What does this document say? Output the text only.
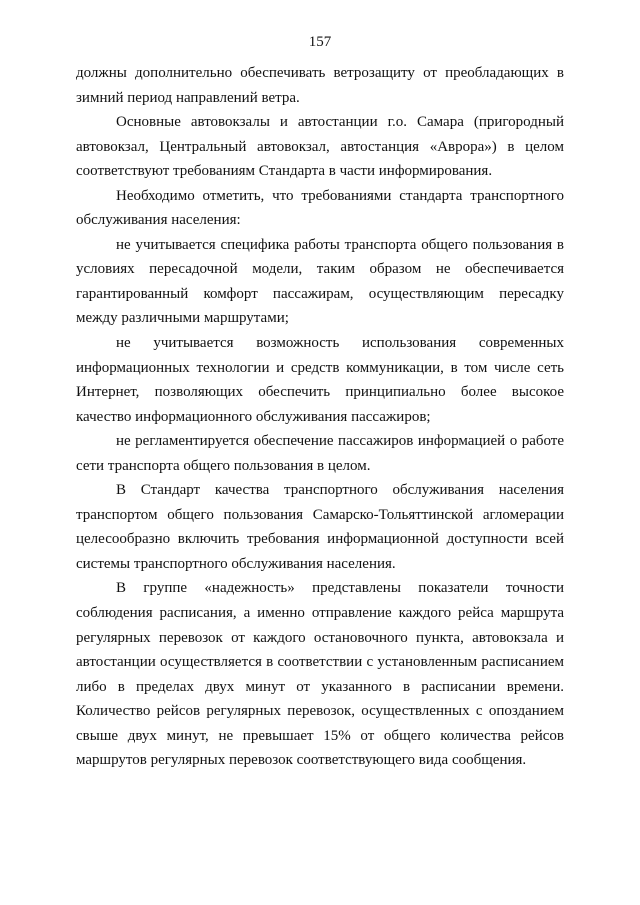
157
должны дополнительно обеспечивать ветрозащиту от преобладающих в
зимний период направлений ветра.
Основные автовокзалы и автостанции г.о. Самара (пригородный
автовокзал, Центральный автовокзал, автостанция «Аврора») в целом
соответствуют требованиям Стандарта в части информирования.
Необходимо отметить, что требованиями стандарта транспортного
обслуживания населения:
не учитывается специфика работы транспорта общего пользования в
условиях пересадочной модели, таким образом не обеспечивается
гарантированный комфорт пассажирам, осуществляющим пересадку
между различными маршрутами;
не учитывается возможность использования современных
информационных технологии и средств коммуникации, в том числе сеть
Интернет, позволяющих обеспечить принципиально более высокое
качество информационного обслуживания пассажиров;
не регламентируется обеспечение пассажиров информацией о работе
сети транспорта общего пользования в целом.
В Стандарт качества транспортного обслуживания населения
транспортом общего пользования Самарско-Тольяттинской агломерации
целесообразно включить требования информационной доступности всей
системы транспортного обслуживания населения.
В группе «надежность» представлены показатели точности
соблюдения расписания, а именно отправление каждого рейса маршрута
регулярных перевозок от каждого остановочного пункта, автовокзала и
автостанции осуществляется в соответствии с установленным расписанием
либо в пределах двух минут от указанного в расписании времени.
Количество рейсов регулярных перевозок, осуществленных с опозданием
свыше двух минут, не превышает 15% от общего количества рейсов
маршрутов регулярных перевозок соответствующего вида сообщения.
